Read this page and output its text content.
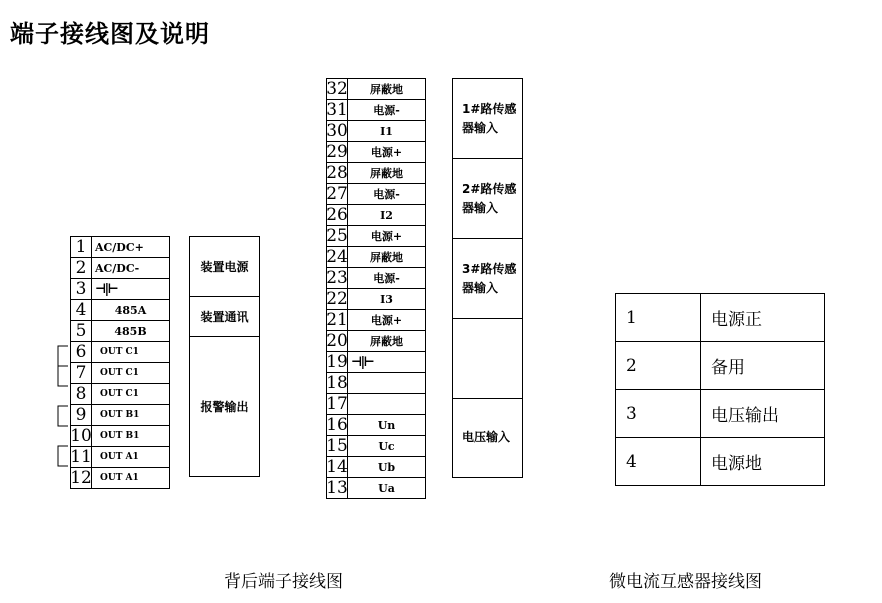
端子接线图及说明
1 AC/DC+
2 AC/DC-
3 ⊣|⊢
4	485A
5	485B
6	OUT C1
7	OUT C1
8	OUT C1
9	OUT B1
10 OUT B1
11 OUT A1
12 OUT A1
装置电源
装置通讯
报警输出
32	屏蔽地
31	电源-
30	I1
29	电源+
28	屏蔽地
27	电源-
26	I2
25	电源+
24	屏蔽地
23	电源-
22	I3
21	电源+
20	屏蔽地
19 ⊣|⊢
18
17
16	Un
15	Uc
14	Ub
13	Ua
1#路传感
器输入
2#路传感
器输入
3#路传感
器输入
电压输入
背后端子接线图
1	电源正
2	备用
3	电压输出
4	电源地
微电流互感器接线图
